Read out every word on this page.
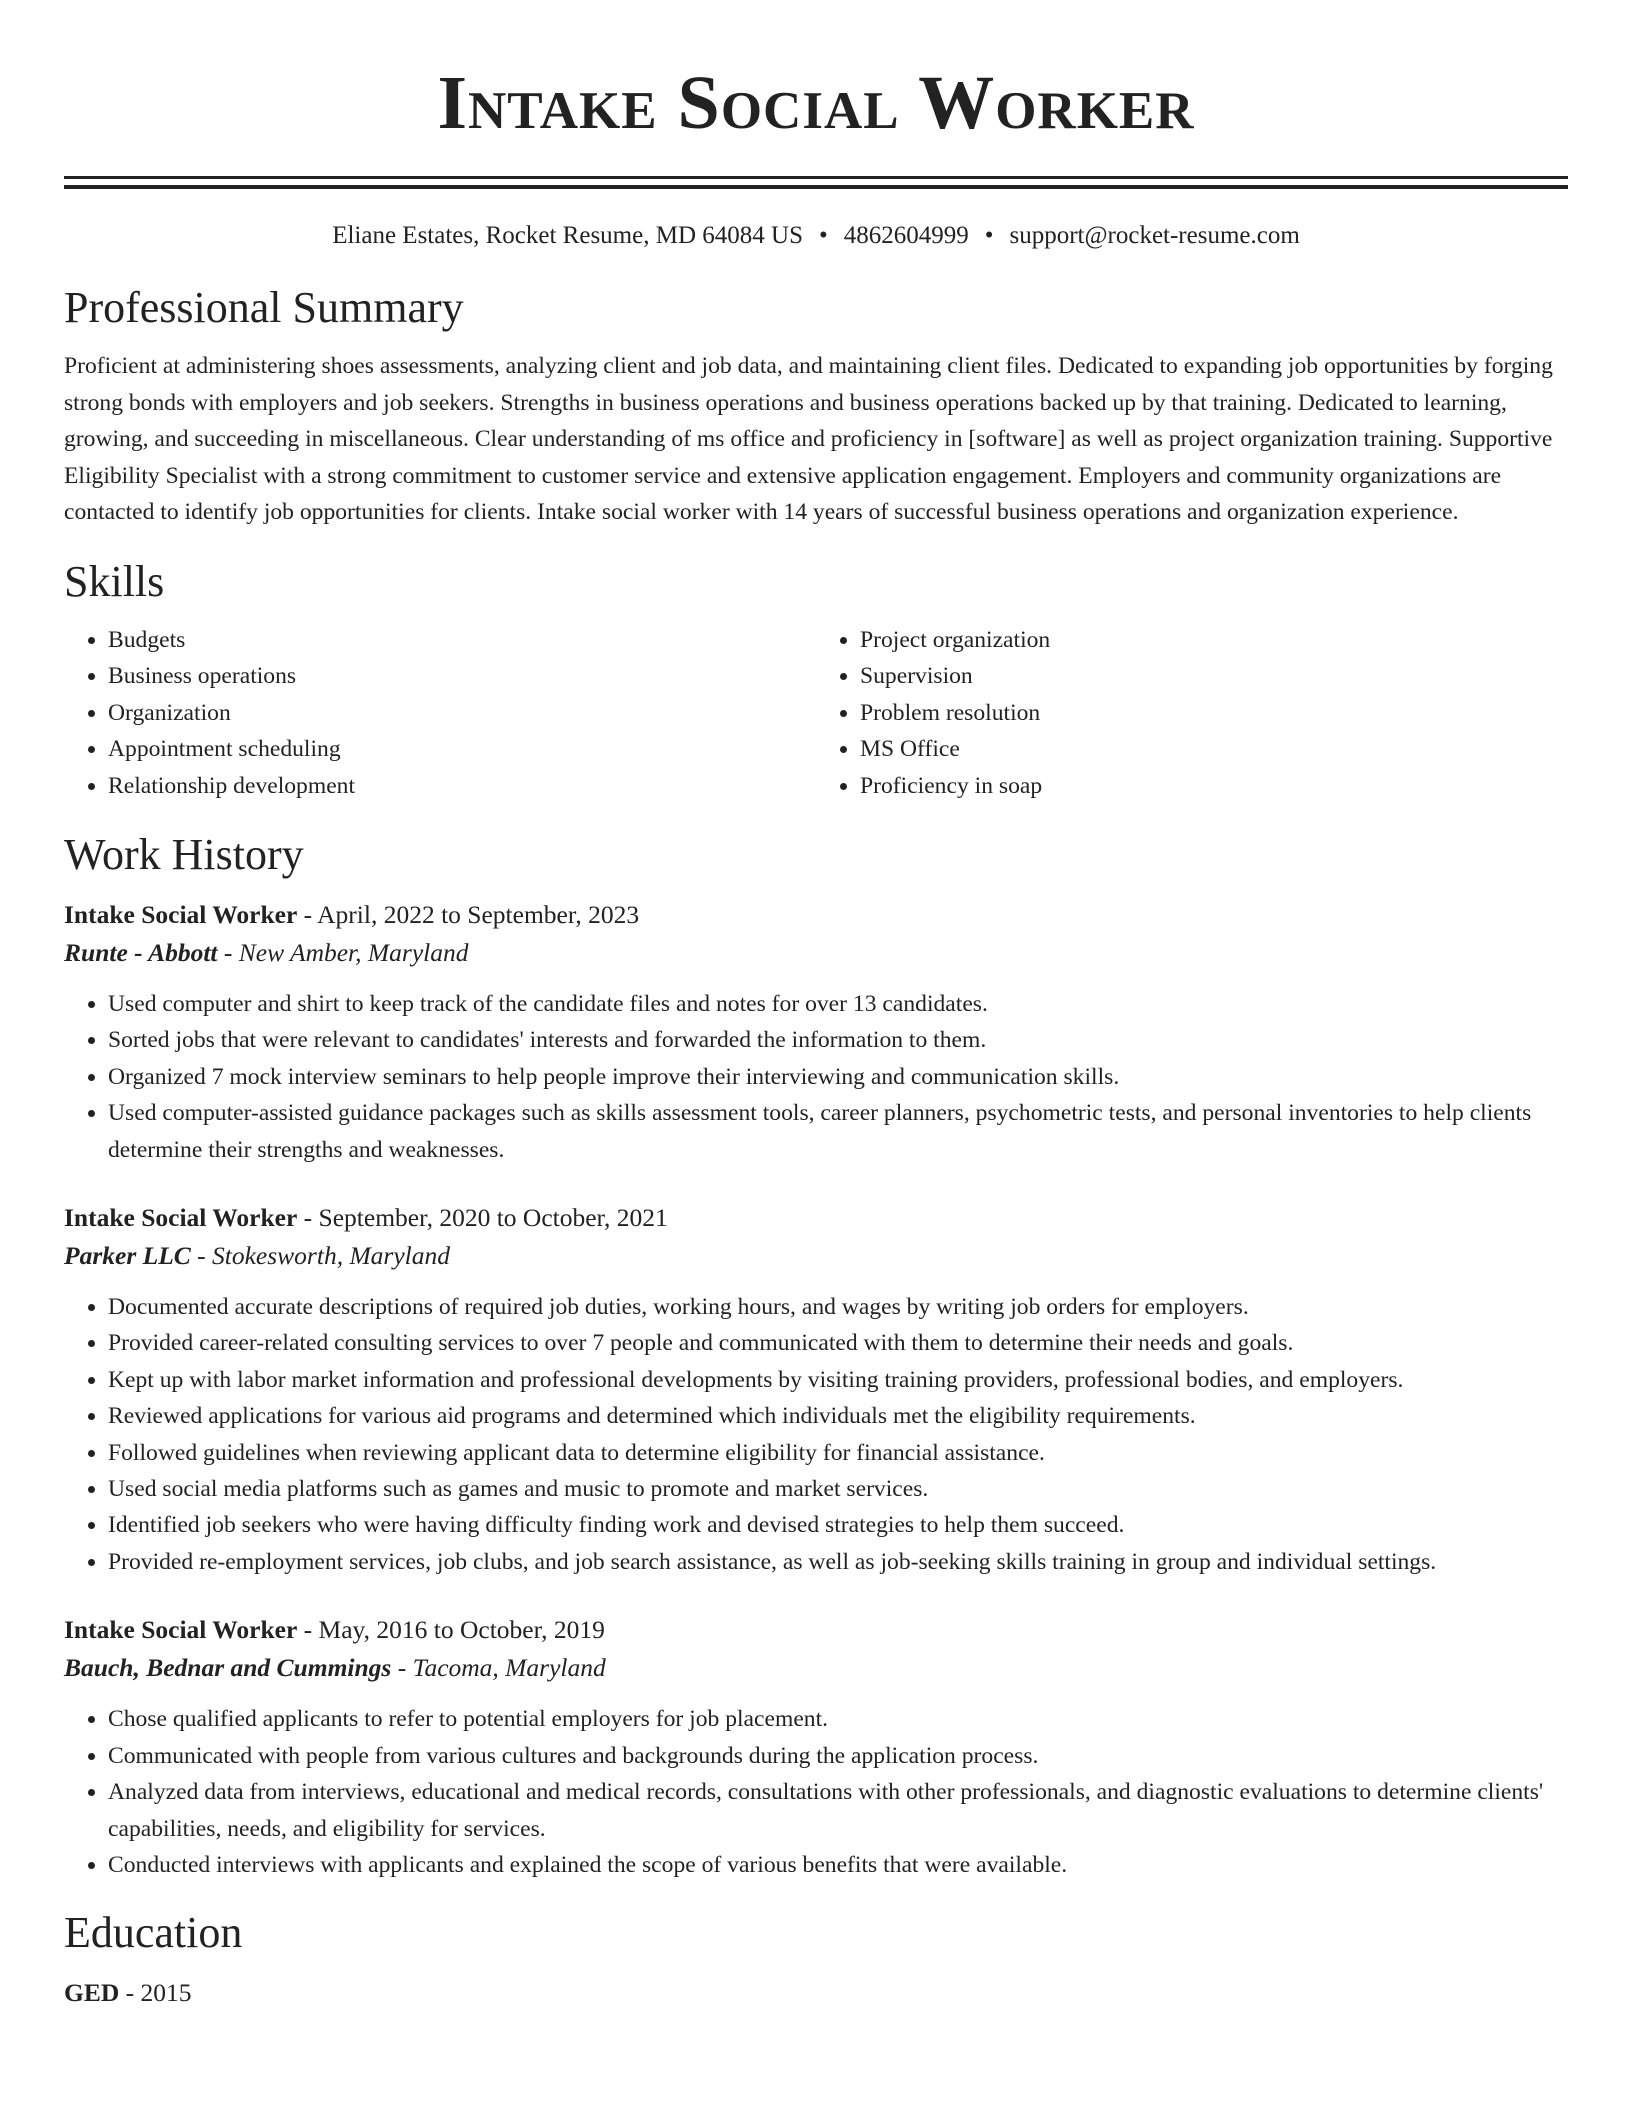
Intake Social Worker
Eliane Estates, Rocket Resume, MD 64084 US • 4862604999 • support@rocket-resume.com
Professional Summary

Proficient at administering shoes assessments, analyzing client and job data, and maintaining client files. Dedicated to expanding job opportunities by forging strong bonds with employers and job seekers. Strengths in business operations and business operations backed up by that training. Dedicated to learning, growing, and succeeding in miscellaneous. Clear understanding of ms office and proficiency in [software] as well as project organization training. Supportive Eligibility Specialist with a strong commitment to customer service and extensive application engagement. Employers and community organizations are contacted to identify job opportunities for clients. Intake social worker with 14 years of successful business operations and organization experience.

Skills
• Budgets
• Business operations
• Organization
• Appointment scheduling
• Relationship development
• Project organization
• Supervision
• Problem resolution
• MS Office
• Proficiency in soap
Work History
Intake Social Worker - April, 2022 to September, 2023
Runte - Abbott - New Amber, Maryland
• Used computer and shirt to keep track of the candidate files and notes for over 13 candidates.
• Sorted jobs that were relevant to candidates' interests and forwarded the information to them.
• Organized 7 mock interview seminars to help people improve their interviewing and communication skills.
• Used computer-assisted guidance packages such as skills assessment tools, career planners, psychometric tests, and personal inventories to help clients determine their strengths and weaknesses.
Intake Social Worker - September, 2020 to October, 2021
Parker LLC - Stokesworth, Maryland
• Documented accurate descriptions of required job duties, working hours, and wages by writing job orders for employers.
• Provided career-related consulting services to over 7 people and communicated with them to determine their needs and goals.
• Kept up with labor market information and professional developments by visiting training providers, professional bodies, and employers.
• Reviewed applications for various aid programs and determined which individuals met the eligibility requirements.
• Followed guidelines when reviewing applicant data to determine eligibility for financial assistance.
• Used social media platforms such as games and music to promote and market services.
• Identified job seekers who were having difficulty finding work and devised strategies to help them succeed.
• Provided re-employment services, job clubs, and job search assistance, as well as job-seeking skills training in group and individual settings.
Intake Social Worker - May, 2016 to October, 2019
Bauch, Bednar and Cummings - Tacoma, Maryland
• Chose qualified applicants to refer to potential employers for job placement.
• Communicated with people from various cultures and backgrounds during the application process.
• Analyzed data from interviews, educational and medical records, consultations with other professionals, and diagnostic evaluations to determine clients' capabilities, needs, and eligibility for services.
• Conducted interviews with applicants and explained the scope of various benefits that were available.
Education
GED - 2015
